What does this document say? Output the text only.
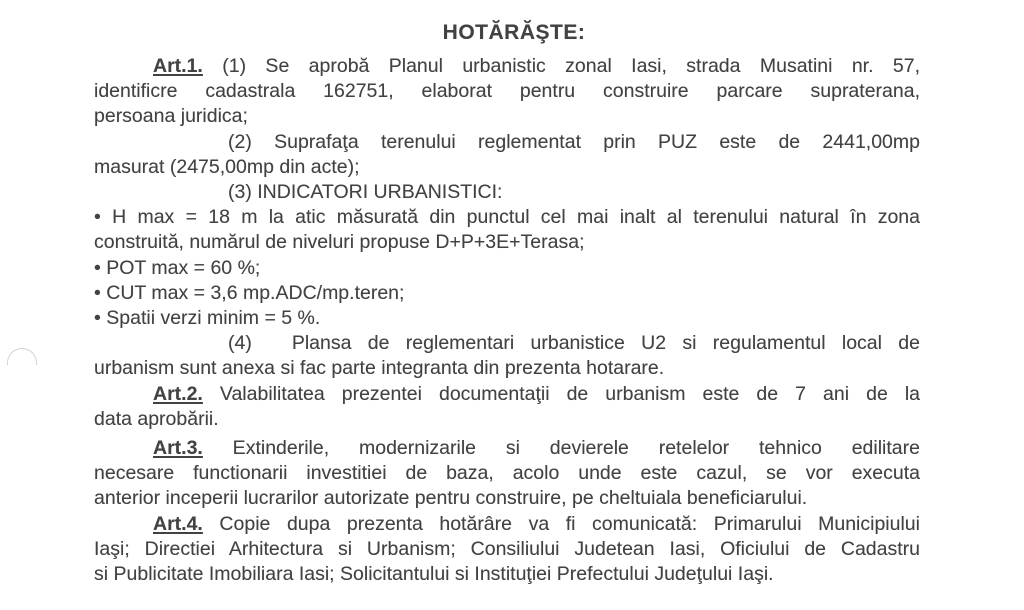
HOTĂRĂŞTE:
Art.1. (1) Se aprobă Planul urbanistic zonal Iasi, strada Musatini nr. 57,
identificre cadastrala 162751, elaborat pentru construire parcare supraterana,
persoana juridica;
(2) Suprafaţa terenului reglementat prin PUZ este de 2441,00mp
masurat (2475,00mp din acte);
(3) INDICATORI URBANISTICI:
• H max = 18 m la atic măsurată din punctul cel mai inalt al terenului natural în zona
construită, numărul de niveluri propuse D+P+3E+Terasa;
• POT max = 60 %;
• CUT max = 3,6 mp.ADC/mp.teren;
• Spatii verzi minim = 5 %.
(4) Plansa de reglementari urbanistice U2 si regulamentul local de
urbanism sunt anexa si fac parte integranta din prezenta hotarare.
Art.2. Valabilitatea prezentei documentaţii de urbanism este de 7 ani de la
data aprobării.
Art.3. Extinderile, modernizarile si devierele retelelor tehnico edilitare
necesare functionarii investitiei de baza, acolo unde este cazul, se vor executa
anterior inceperii lucrarilor autorizate pentru construire, pe cheltuiala beneficiarului.
Art.4. Copie dupa prezenta hotărâre va fi comunicată: Primarului Municipiului
Iaşi; Directiei Arhitectura si Urbanism; Consiliului Judetean Iasi, Oficiului de Cadastru
si Publicitate Imobiliara Iasi; Solicitantului si Instituţiei Prefectului Judeţului Iaşi.
